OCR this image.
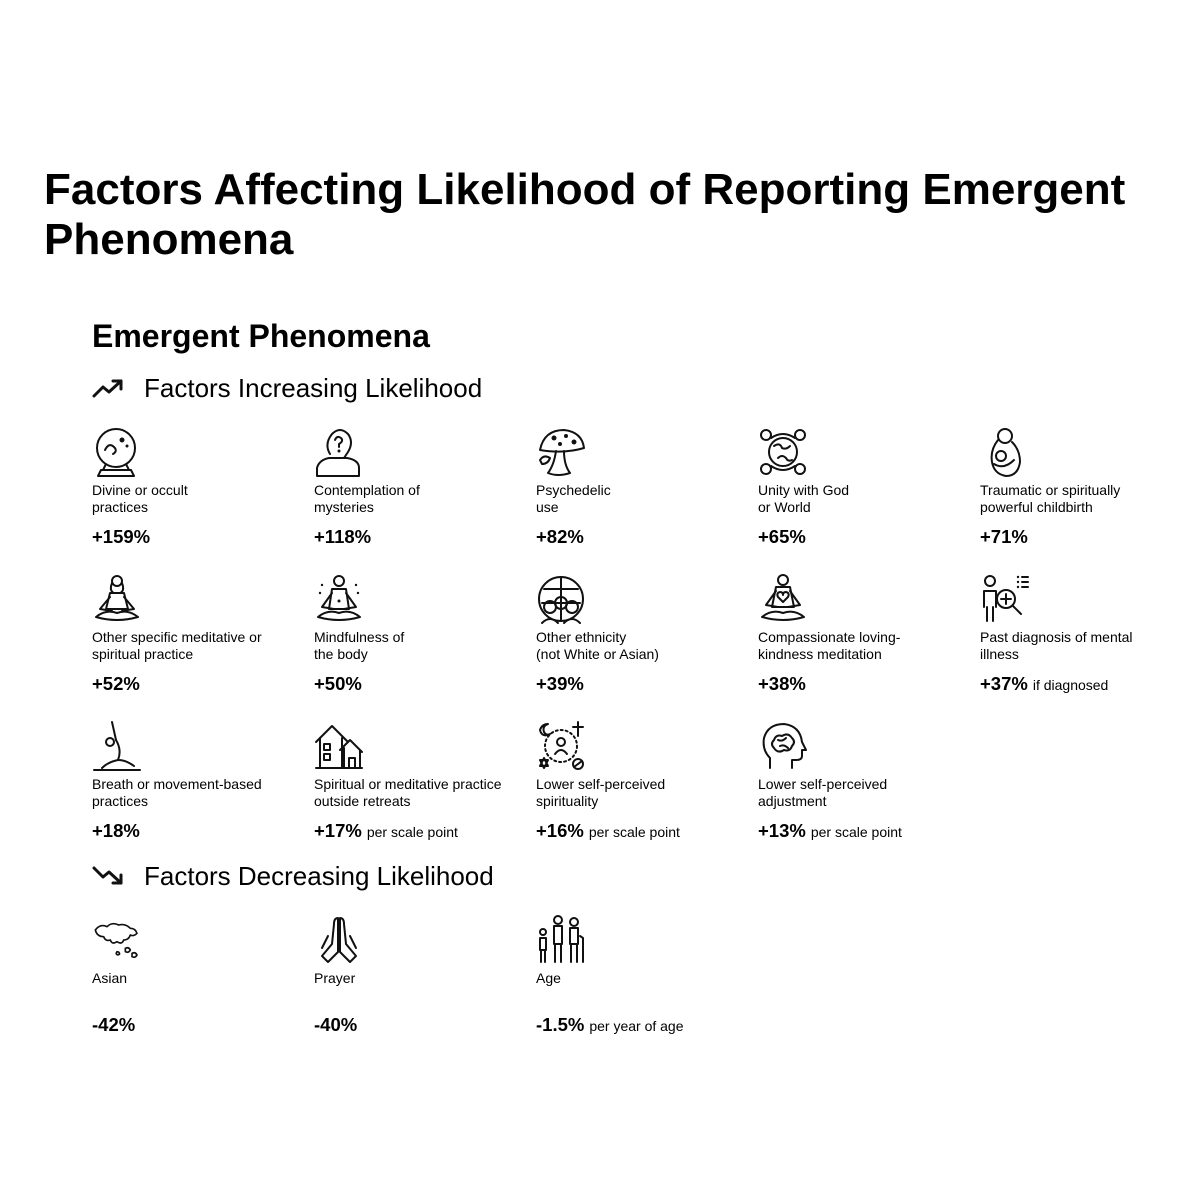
Factors Affecting Likelihood of Reporting Emergent Phenomena
Emergent Phenomena
Factors Increasing Likelihood
Divine or occult
practices
+159%
Contemplation of
mysteries
+118%
Psychedelic
use
+82%
Unity with God
or World
+65%
Traumatic or spiritually
powerful childbirth
+71%
Other specific meditative or
spiritual practice
+52%
Mindfulness of
the body
+50%
Other ethnicity
(not White or Asian)
+39%
Compassionate loving-
kindness meditation
+38%
Past diagnosis of mental
illness
+37% if diagnosed
Breath or movement-based
practices
+18%
Spiritual or meditative practice
outside retreats
+17% per scale point
Lower self-perceived
spirituality
+16% per scale point
Lower self-perceived
adjustment
+13% per scale point
Factors Decreasing Likelihood
Asian
-42%
Prayer
-40%
Age
-1.5% per year of age
